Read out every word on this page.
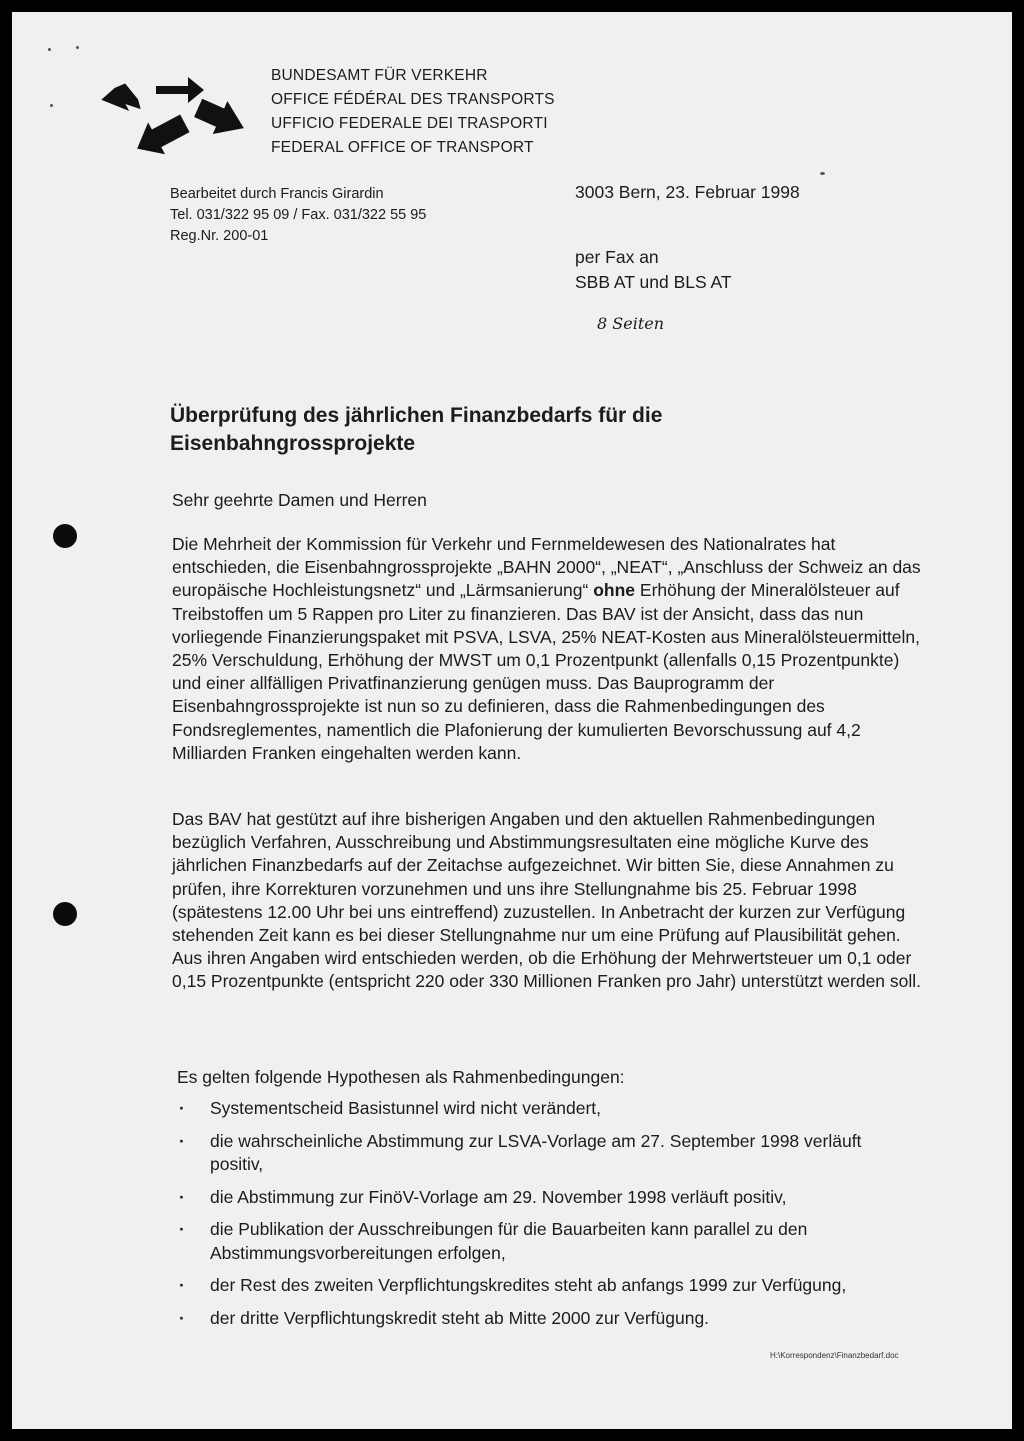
BUNDESAMT FÜR VERKEHR
OFFICE FÉDÉRAL DES TRANSPORTS
UFFICIO FEDERALE DEI TRASPORTI
FEDERAL OFFICE OF TRANSPORT
Bearbeitet durch Francis Girardin
Tel. 031/322 95 09 / Fax. 031/322 55 95
Reg.Nr. 200-01
3003 Bern, 23. Februar 1998
per Fax an
SBB AT und BLS AT
8 Seiten
Überprüfung des jährlichen Finanzbedarfs für die Eisenbahngrossprojekte
Sehr geehrte Damen und Herren
Die Mehrheit der Kommission für Verkehr und Fernmeldewesen des Nationalrates hat entschieden, die Eisenbahngrossprojekte „BAHN 2000“, „NEAT“, „Anschluss der Schweiz an das europäische Hochleistungsnetz“ und „Lärmsanierung“ ohne Erhöhung der Mineralölsteuer auf Treibstoffen um 5 Rappen pro Liter zu finanzieren. Das BAV ist der Ansicht, dass das nun vorliegende Finanzierungspaket mit PSVA, LSVA, 25% NEAT-Kosten aus Mineralölsteuermitteln, 25% Verschuldung, Erhöhung der MWST um 0,1 Prozentpunkt (allenfalls 0,15 Prozentpunkte) und einer allfälligen Privatfinanzierung genügen muss. Das Bauprogramm der Eisenbahngrossprojekte ist nun so zu definieren, dass die Rahmenbedingungen des Fondsreglementes, namentlich die Plafonierung der kumulierten Bevorschussung auf 4,2 Milliarden Franken eingehalten werden kann.
Das BAV hat gestützt auf ihre bisherigen Angaben und den aktuellen Rahmenbedingungen bezüglich Verfahren, Ausschreibung und Abstimmungsresultaten eine mögliche Kurve des jährlichen Finanzbedarfs auf der Zeitachse aufgezeichnet. Wir bitten Sie, diese Annahmen zu prüfen, ihre Korrekturen vorzunehmen und uns ihre Stellungnahme bis 25. Februar 1998 (spätestens 12.00 Uhr bei uns eintreffend) zuzustellen. In Anbetracht der kurzen zur Verfügung stehenden Zeit kann es bei dieser Stellungnahme nur um eine Prüfung auf Plausibilität gehen. Aus ihren Angaben wird entschieden werden, ob die Erhöhung der Mehrwertsteuer um 0,1 oder 0,15 Prozentpunkte (entspricht 220 oder 330 Millionen Franken pro Jahr) unterstützt werden soll.
Es gelten folgende Hypothesen als Rahmenbedingungen:
· Systementscheid Basistunnel wird nicht verändert,
· die wahrscheinliche Abstimmung zur LSVA-Vorlage am 27. September 1998 verläuft positiv,
· die Abstimmung zur FinöV-Vorlage am 29. November 1998 verläuft positiv,
· die Publikation der Ausschreibungen für die Bauarbeiten kann parallel zu den Abstimmungsvorbereitungen erfolgen,
· der Rest des zweiten Verpflichtungskredites steht ab anfangs 1999 zur Verfügung,
· der dritte Verpflichtungskredit steht ab Mitte 2000 zur Verfügung.
H:\Korrespondenz\Finanzbedarf.doc
